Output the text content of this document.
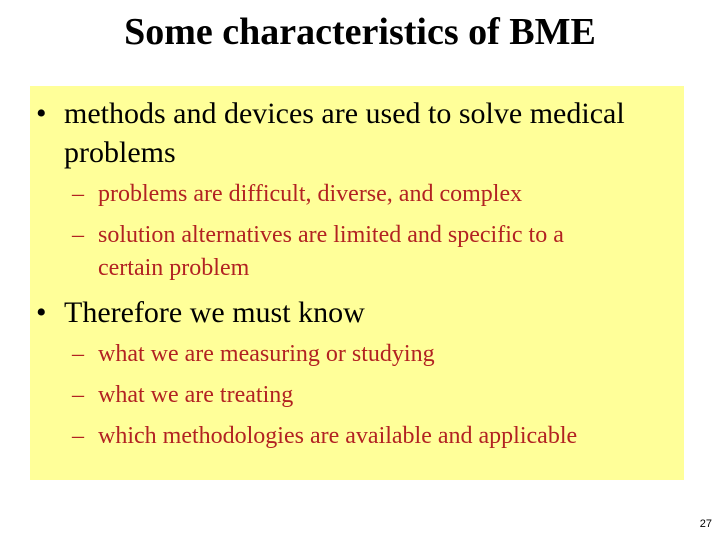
Some characteristics of BME
• methods and devices are used to solve medical
problems
– problems are difficult, diverse, and complex
– solution alternatives are limited and specific to a
certain problem
• Therefore we must know
– what we are measuring or studying
– what we are treating
– which methodologies are available and applicable
27
